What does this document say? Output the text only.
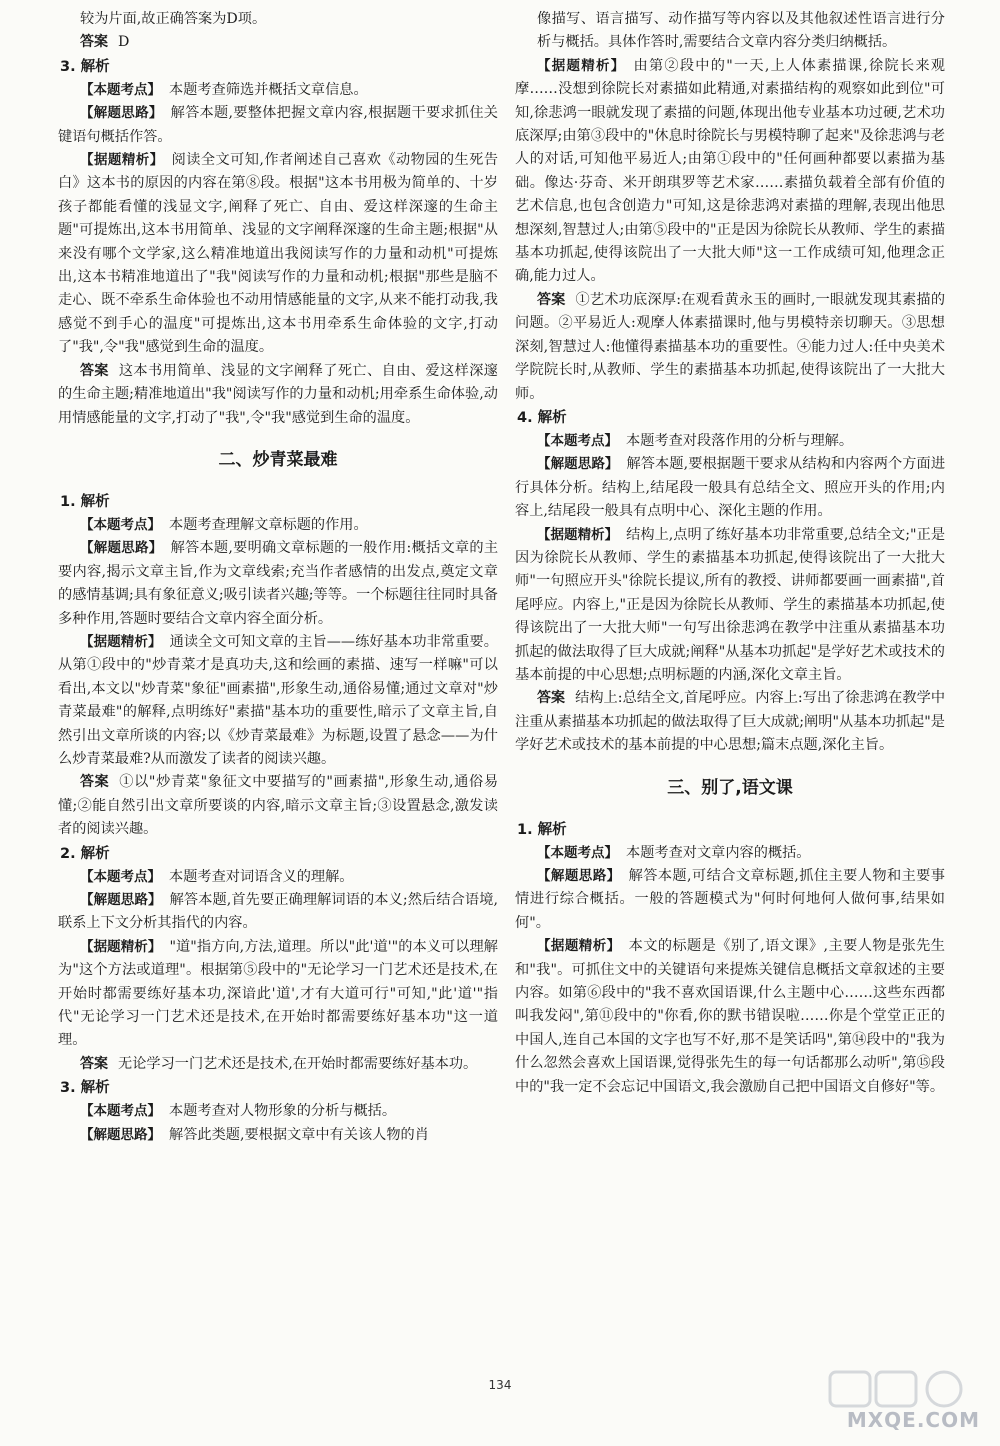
较为片面,故正确答案为D项。
答案 D
3. 解析
【本题考点】 本题考查筛选并概括文章信息。
【解题思路】 解答本题,要整体把握文章内容,根据题干要求抓住关键语句概括作答。
【据题精析】 阅读全文可知,作者阐述自己喜欢《动物园的生死告白》这本书的原因的内容在第⑧段。根据"这本书用极为简单的、十岁孩子都能看懂的浅显文字,阐释了死亡、自由、爱这样深邃的生命主题"可提炼出,这本书用简单、浅显的文字阐释深邃的生命主题;根据"从来没有哪个文学家,这么精准地道出我阅读写作的力量和动机"可提炼出,这本书精准地道出了"我"阅读写作的力量和动机;根据"那些是脑不走心、既不牵系生命体验也不动用情感能量的文字,从来不能打动我,我感觉不到手心的温度"可提炼出,这本书用牵系生命体验的文字,打动了"我",令"我"感觉到生命的温度。
答案 这本书用简单、浅显的文字阐释了死亡、自由、爱这样深邃的生命主题;精准地道出"我"阅读写作的力量和动机;用牵系生命体验,动用情感能量的文字,打动了"我",令"我"感觉到生命的温度。
二、炒青菜最难
1. 解析
【本题考点】 本题考查理解文章标题的作用。
【解题思路】 解答本题,要明确文章标题的一般作用:概括文章的主要内容,揭示文章主旨,作为文章线索;充当作者感情的出发点,奠定文章的感情基调;具有象征意义;吸引读者兴趣;等等。一个标题往往同时具备多种作用,答题时要结合文章内容全面分析。
【据题精析】 通读全文可知文章的主旨——练好基本功非常重要。从第①段中的"炒青菜才是真功夫,这和绘画的素描、速写一样嘛"可以看出,本文以"炒青菜"象征"画素描",形象生动,通俗易懂;通过文章对"炒青菜最难"的解释,点明练好"素描"基本功的重要性,暗示了文章主旨,自然引出文章所谈的内容;以《炒青菜最难》为标题,设置了悬念——为什么炒青菜最难?从而激发了读者的阅读兴趣。
答案 ①以"炒青菜"象征文中要描写的"画素描",形象生动,通俗易懂;②能自然引出文章所要谈的内容,暗示文章主旨;③设置悬念,激发读者的阅读兴趣。
2. 解析
【本题考点】 本题考查对词语含义的理解。
【解题思路】 解答本题,首先要正确理解词语的本义;然后结合语境,联系上下文分析其指代的内容。
【据题精析】 "道"指方向,方法,道理。所以"此'道'"的本义可以理解为"这个方法或道理"。根据第⑤段中的"无论学习一门艺术还是技术,在开始时都需要练好基本功,深谙此'道',才有大道可行"可知,"此'道'"指代"无论学习一门艺术还是技术,在开始时都需要练好基本功"这一道理。
答案 无论学习一门艺术还是技术,在开始时都需要练好基本功。
3. 解析
【本题考点】 本题考查对人物形象的分析与概括。
【解题思路】 解答此类题,要根据文章中有关该人物的肖
像描写、语言描写、动作描写等内容以及其他叙述性语言进行分析与概括。具体作答时,需要结合文章内容分类归纳概括。
【据题精析】 由第②段中的"一天,上人体素描课,徐院长来观摩……没想到徐院长对素描如此精通,对素描结构的观察如此到位"可知,徐悲鸿一眼就发现了素描的问题,体现出他专业基本功过硬,艺术功底深厚;由第③段中的"休息时徐院长与男模特聊了起来"及徐悲鸿与老人的对话,可知他平易近人;由第①段中的"任何画种都要以素描为基础。像达·芬奇、米开朗琪罗等艺术家……素描负载着全部有价值的艺术信息,也包含创造力"可知,这是徐悲鸿对素描的理解,表现出他思想深刻,智慧过人;由第⑤段中的"正是因为徐院长从教师、学生的素描基本功抓起,使得该院出了一大批大师"这一工作成绩可知,他理念正确,能力过人。
答案 ①艺术功底深厚:在观看黄永玉的画时,一眼就发现其素描的问题。②平易近人:观摩人体素描课时,他与男模特亲切聊天。③思想深刻,智慧过人:他懂得素描基本功的重要性。④能力过人:任中央美术学院院长时,从教师、学生的素描基本功抓起,使得该院出了一大批大师。
4. 解析
【本题考点】 本题考查对段落作用的分析与理解。
【解题思路】 解答本题,要根据题干要求从结构和内容两个方面进行具体分析。结构上,结尾段一般具有总结全文、照应开头的作用;内容上,结尾段一般具有点明中心、深化主题的作用。
【据题精析】 结构上,点明了练好基本功非常重要,总结全文;"正是因为徐院长从教师、学生的素描基本功抓起,使得该院出了一大批大师"一句照应开头"徐院长提议,所有的教授、讲师都要画一画素描",首尾呼应。内容上,"正是因为徐院长从教师、学生的素描基本功抓起,使得该院出了一大批大师"一句写出徐悲鸿在教学中注重从素描基本功抓起的做法取得了巨大成就;阐释"从基本功抓起"是学好艺术或技术的基本前提的中心思想;点明标题的内涵,深化文章主旨。
答案 结构上:总结全文,首尾呼应。内容上:写出了徐悲鸿在教学中注重从素描基本功抓起的做法取得了巨大成就;阐明"从基本功抓起"是学好艺术或技术的基本前提的中心思想;篇末点题,深化主旨。
三、别了,语文课
1. 解析
【本题考点】 本题考查对文章内容的概括。
【解题思路】 解答本题,可结合文章标题,抓住主要人物和主要事情进行综合概括。一般的答题模式为"何时何地何人做何事,结果如何"。
【据题精析】 本文的标题是《别了,语文课》,主要人物是张先生和"我"。可抓住文中的关键语句来提炼关键信息概括文章叙述的主要内容。如第⑥段中的"我不喜欢国语课,什么主题中心……这些东西都叫我发闷",第⑪段中的"你看,你的默书错误啦……你是个堂堂正正的中国人,连自己本国的文字也写不好,那不是笑话吗",第⑭段中的"我为什么忽然会喜欢上国语课,觉得张先生的每一句话都那么动听",第⑮段中的"我一定不会忘记中国语文,我会激励自己把中国语文自修好"等。
134
MXQE.COM
